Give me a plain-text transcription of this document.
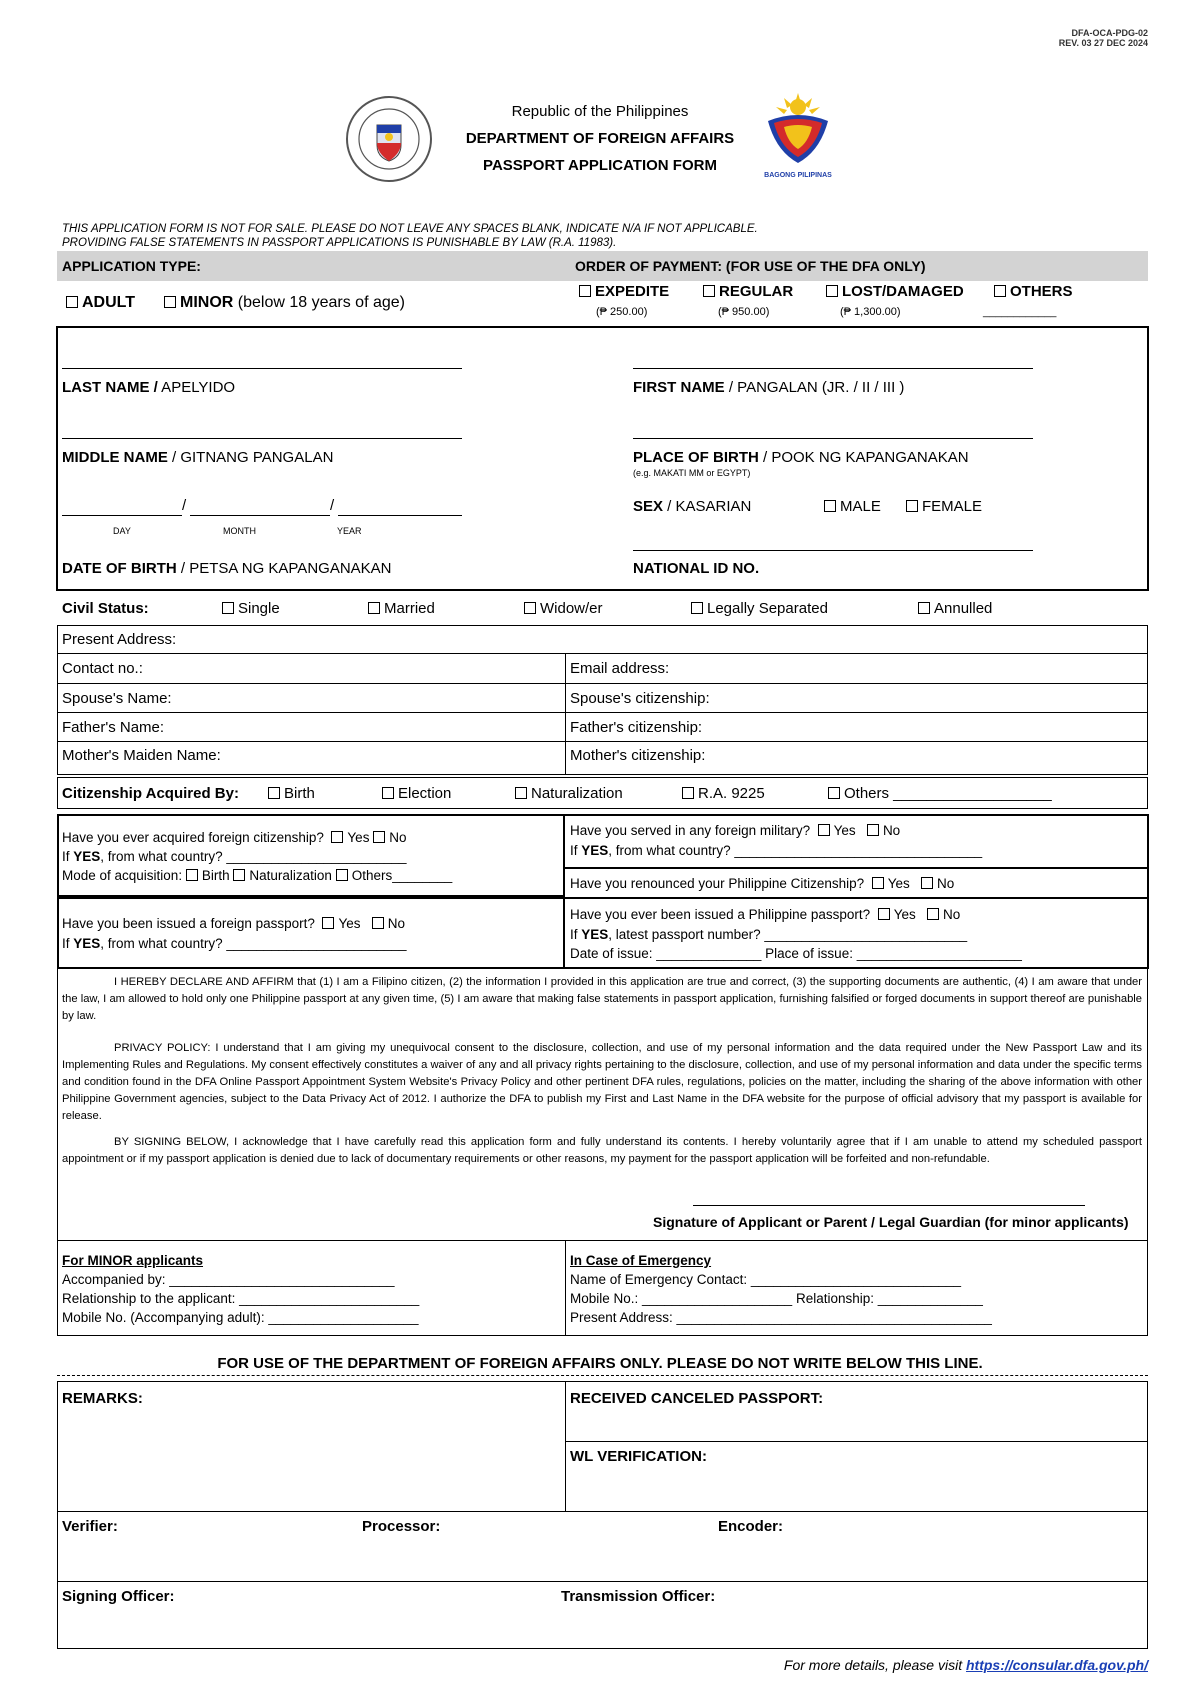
DFA-OCA-PDG-02
REV. 03 27 DEC 2024
Republic of the Philippines
DEPARTMENT OF FOREIGN AFFAIRS
PASSPORT APPLICATION FORM
BAGONG PILIPINAS
THIS APPLICATION FORM IS NOT FOR SALE. PLEASE DO NOT LEAVE ANY SPACES BLANK, INDICATE N/A IF NOT APPLICABLE.
PROVIDING FALSE STATEMENTS IN PASSPORT APPLICATIONS IS PUNISHABLE BY LAW (R.A. 11983).
APPLICATION TYPE:	ORDER OF PAYMENT: (FOR USE OF THE DFA ONLY)
ADULT	MINOR (below 18 years of age)
EXPEDITE
(₱ 250.00)
REGULAR
(₱ 950.00)
LOST/DAMAGED
(₱ 1,300.00)
OTHERS
____________
LAST NAME / APELYIDO	FIRST NAME / PANGALAN (JR. / II / III )
MIDDLE NAME / GITNANG PANGALAN	PLACE OF BIRTH / POOK NG KAPANGANAKAN
(e.g. MAKATI MM or EGYPT)
/	/
DAY	MONTH	YEAR
SEX / KASARIAN	MALE	FEMALE
DATE OF BIRTH / PETSA NG KAPANGANAKAN	NATIONAL ID NO.
Civil Status:	Single	Married	Widow/er	Legally Separated	Annulled
Present Address:
Contact no.:	Email address:
Spouse's Name:	Spouse's citizenship:
Father's Name:	Father's citizenship:
Mother's Maiden Name:	Mother's citizenship:
Citizenship Acquired By:	Birth	Election	Naturalization	R.A. 9225	Others ___________________
Have you ever acquired foreign citizenship? Yes No
If YES, from what country? ________________________
Mode of acquisition: Birth Naturalization Others________
Have you served in any foreign military? Yes No
If YES, from what country? _________________________________
Have you renounced your Philippine Citizenship? Yes No
Have you been issued a foreign passport? Yes No
If YES, from what country? ________________________
Have you ever been issued a Philippine passport? Yes No
If YES, latest passport number? ___________________________
Date of issue: ______________ Place of issue: ______________________
I HEREBY DECLARE AND AFFIRM that (1) I am a Filipino citizen, (2) the information I provided in this application are true and correct, (3) the supporting documents are authentic, (4) I am aware that under the law, I am allowed to hold only one Philippine passport at any given time, (5) I am aware that making false statements in passport application, furnishing falsified or forged documents in support thereof are punishable by law.
PRIVACY POLICY: I understand that I am giving my unequivocal consent to the disclosure, collection, and use of my personal information and the data required under the New Passport Law and its Implementing Rules and Regulations. My consent effectively constitutes a waiver of any and all privacy rights pertaining to the disclosure, collection, and use of my personal information and data under the specific terms and condition found in the DFA Online Passport Appointment System Website's Privacy Policy and other pertinent DFA rules, regulations, policies on the matter, including the sharing of the above information with other Philippine Government agencies, subject to the Data Privacy Act of 2012. I authorize the DFA to publish my First and Last Name in the DFA website for the purpose of official advisory that my passport is available for release.
BY SIGNING BELOW, I acknowledge that I have carefully read this application form and fully understand its contents. I hereby voluntarily agree that if I am unable to attend my scheduled passport appointment or if my passport application is denied due to lack of documentary requirements or other reasons, my payment for the passport application will be forfeited and non-refundable.
Signature of Applicant or Parent / Legal Guardian (for minor applicants)
For MINOR applicants
Accompanied by: ______________________________
Relationship to the applicant: ________________________
Mobile No. (Accompanying adult): ____________________
In Case of Emergency
Name of Emergency Contact: ____________________________
Mobile No.: ____________________ Relationship: ______________
Present Address: __________________________________________
FOR USE OF THE DEPARTMENT OF FOREIGN AFFAIRS ONLY. PLEASE DO NOT WRITE BELOW THIS LINE.
REMARKS:	RECEIVED CANCELED PASSPORT:
WL VERIFICATION:
Verifier:	Processor:	Encoder:
Signing Officer:	Transmission Officer:
For more details, please visit https://consular.dfa.gov.ph/
